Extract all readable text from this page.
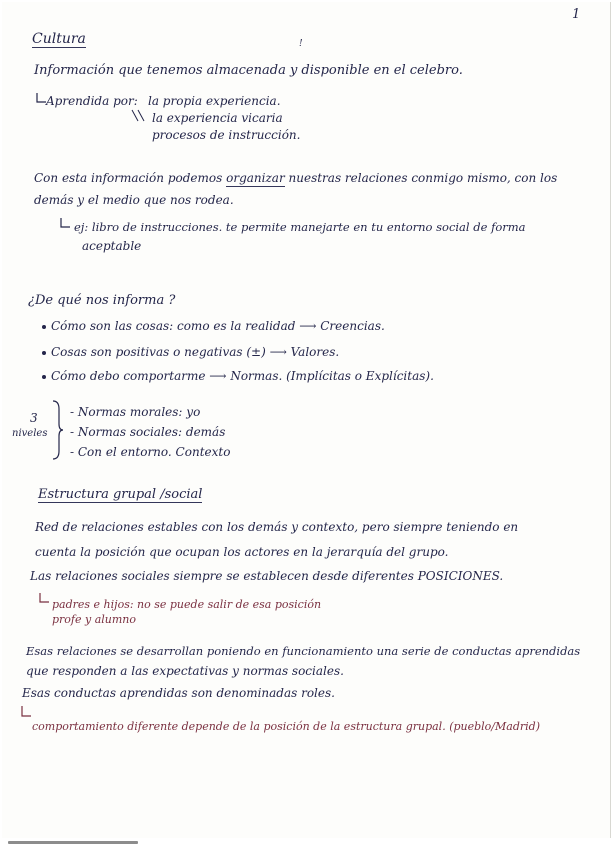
1
Cultura	!
Información que tenemos almacenada y disponible en el celebro.
Aprendida por: la propia experiencia.
la experiencia vicaria
procesos de instrucción.
Con esta información podemos organizar nuestras relaciones conmigo mismo, con los
demás y el medio que nos rodea.
ej: libro de instrucciones. te permite manejarte en tu entorno social de forma
aceptable
¿De qué nos informa ?
Cómo son las cosas: como es la realidad ⟶ Creencias.
Cosas son positivas o negativas (±) ⟶ Valores.
Cómo debo comportarme ⟶ Normas. (Implícitas o Explícitas).
3
niveles
- Normas morales: yo
- Normas sociales: demás
- Con el entorno. Contexto
Estructura grupal /social
Red de relaciones estables con los demás y contexto, pero siempre teniendo en
cuenta la posición que ocupan los actores en la jerarquía del grupo.
Las relaciones sociales siempre se establecen desde diferentes POSICIONES.
padres e hijos: no se puede salir de esa posición
profe y alumno
Esas relaciones se desarrollan poniendo en funcionamiento una serie de conductas aprendidas
que responden a las expectativas y normas sociales.
Esas conductas aprendidas son denominadas roles.
comportamiento diferente depende de la posición de la estructura grupal. (pueblo/Madrid)
